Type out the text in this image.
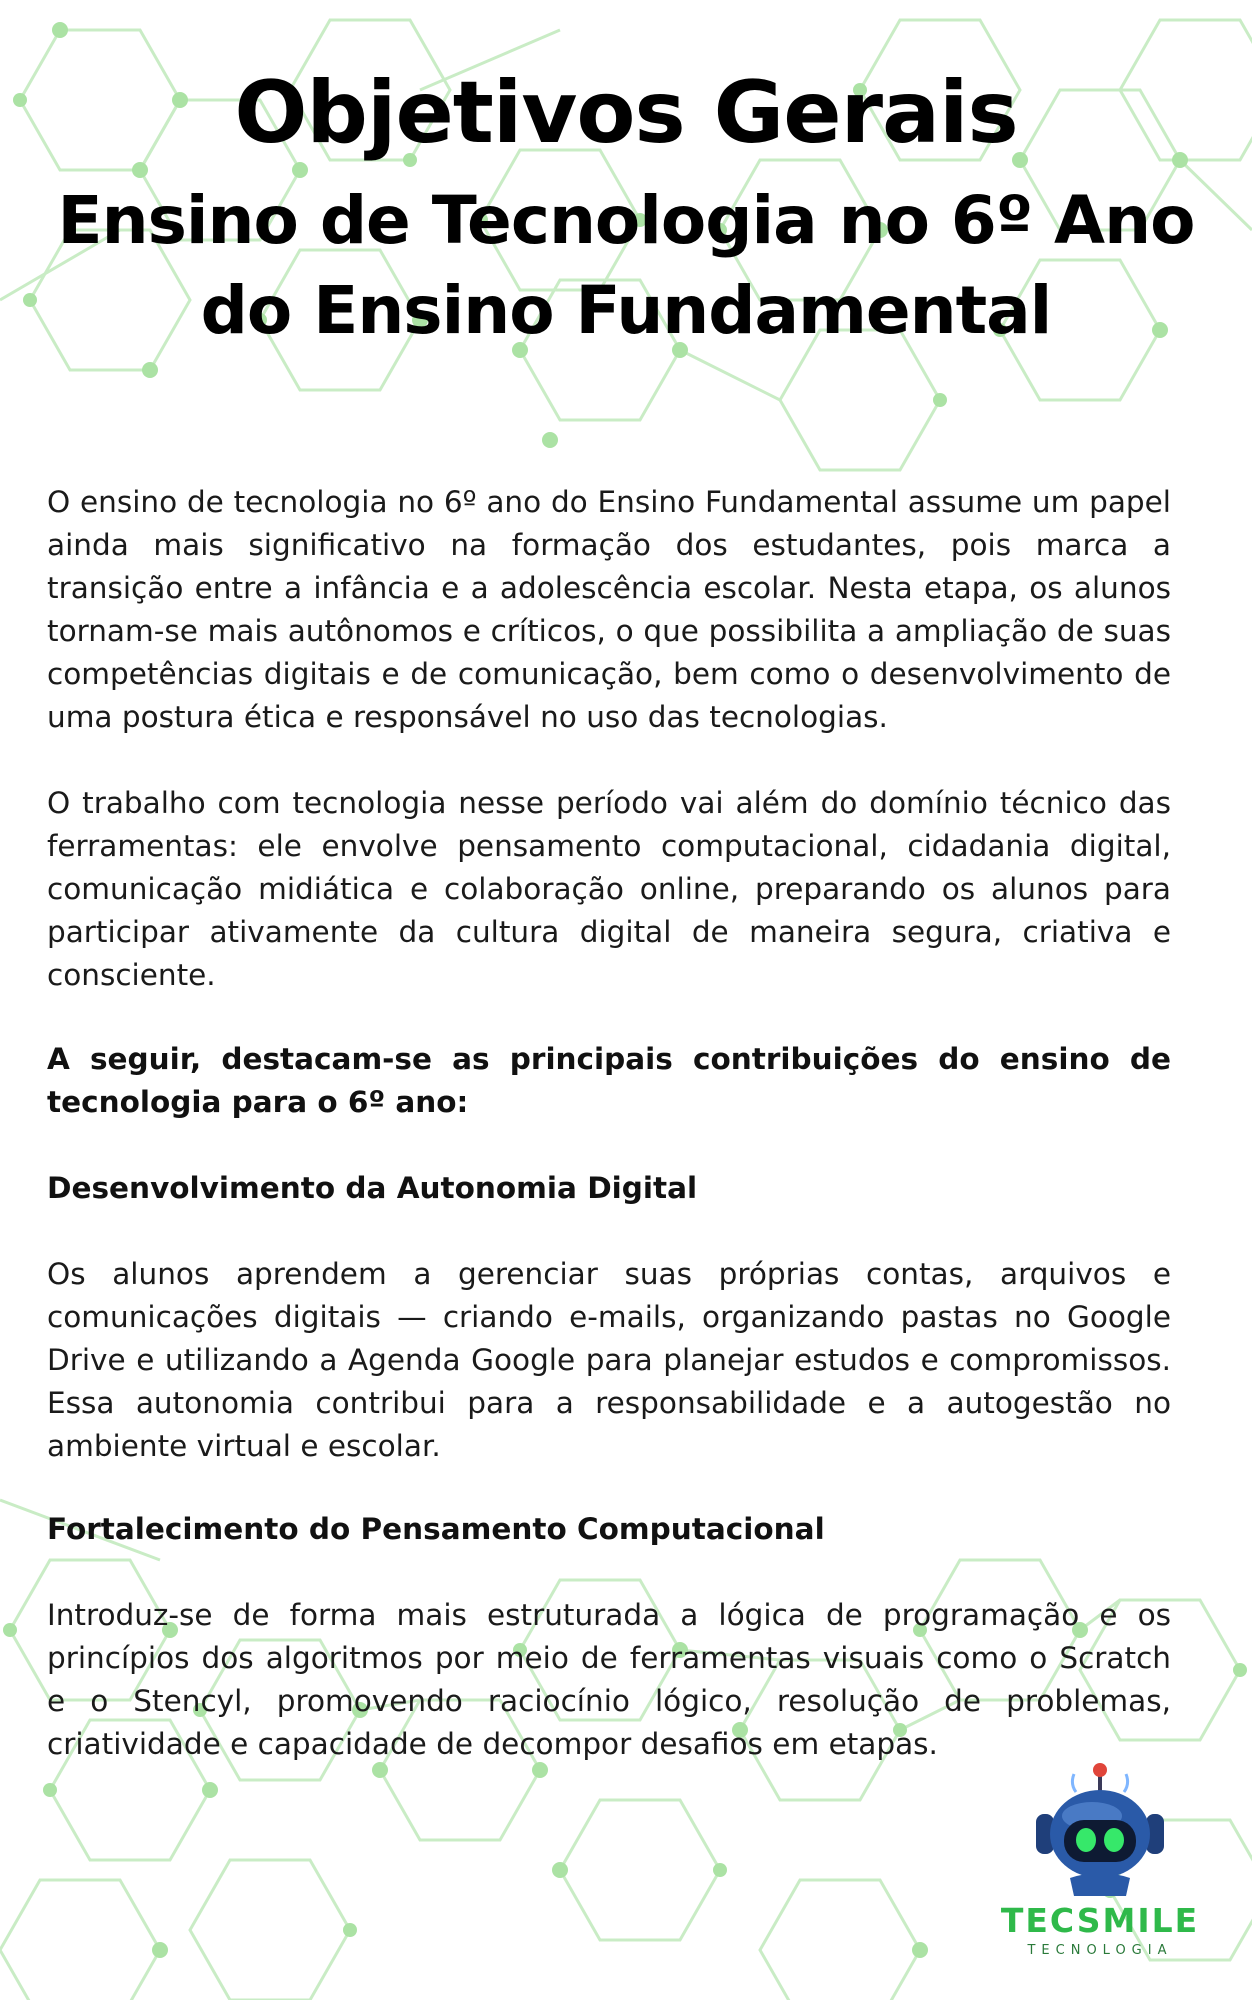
Objetivos Gerais
Ensino de Tecnologia no 6º Ano
do Ensino Fundamental

O ensino de tecnologia no 6º ano do Ensino Fundamental assume um papel ainda mais significativo na formação dos estudantes, pois marca a transição entre a infância e a adolescência escolar. Nesta etapa, os alunos tornam-se mais autônomos e críticos, o que possibilita a ampliação de suas competências digitais e de comunicação, bem como o desenvolvimento de uma postura ética e responsável no uso das tecnologias.

O trabalho com tecnologia nesse período vai além do domínio técnico das ferramentas: ele envolve pensamento computacional, cidadania digital, comunicação midiática e colaboração online, preparando os alunos para participar ativamente da cultura digital de maneira segura, criativa e consciente.

A seguir, destacam-se as principais contribuições do ensino de tecnologia para o 6º ano:

Desenvolvimento da Autonomia Digital

Os alunos aprendem a gerenciar suas próprias contas, arquivos e comunicações digitais — criando e-mails, organizando pastas no Google Drive e utilizando a Agenda Google para planejar estudos e compromissos. Essa autonomia contribui para a responsabilidade e a autogestão no ambiente virtual e escolar.

Fortalecimento do Pensamento Computacional

Introduz-se de forma mais estruturada a lógica de programação e os princípios dos algoritmos por meio de ferramentas visuais como o Scratch e o Stencyl, promovendo raciocínio lógico, resolução de problemas, criatividade e capacidade de decompor desafios em etapas.

TECSMILE
TECNOLOGIA
